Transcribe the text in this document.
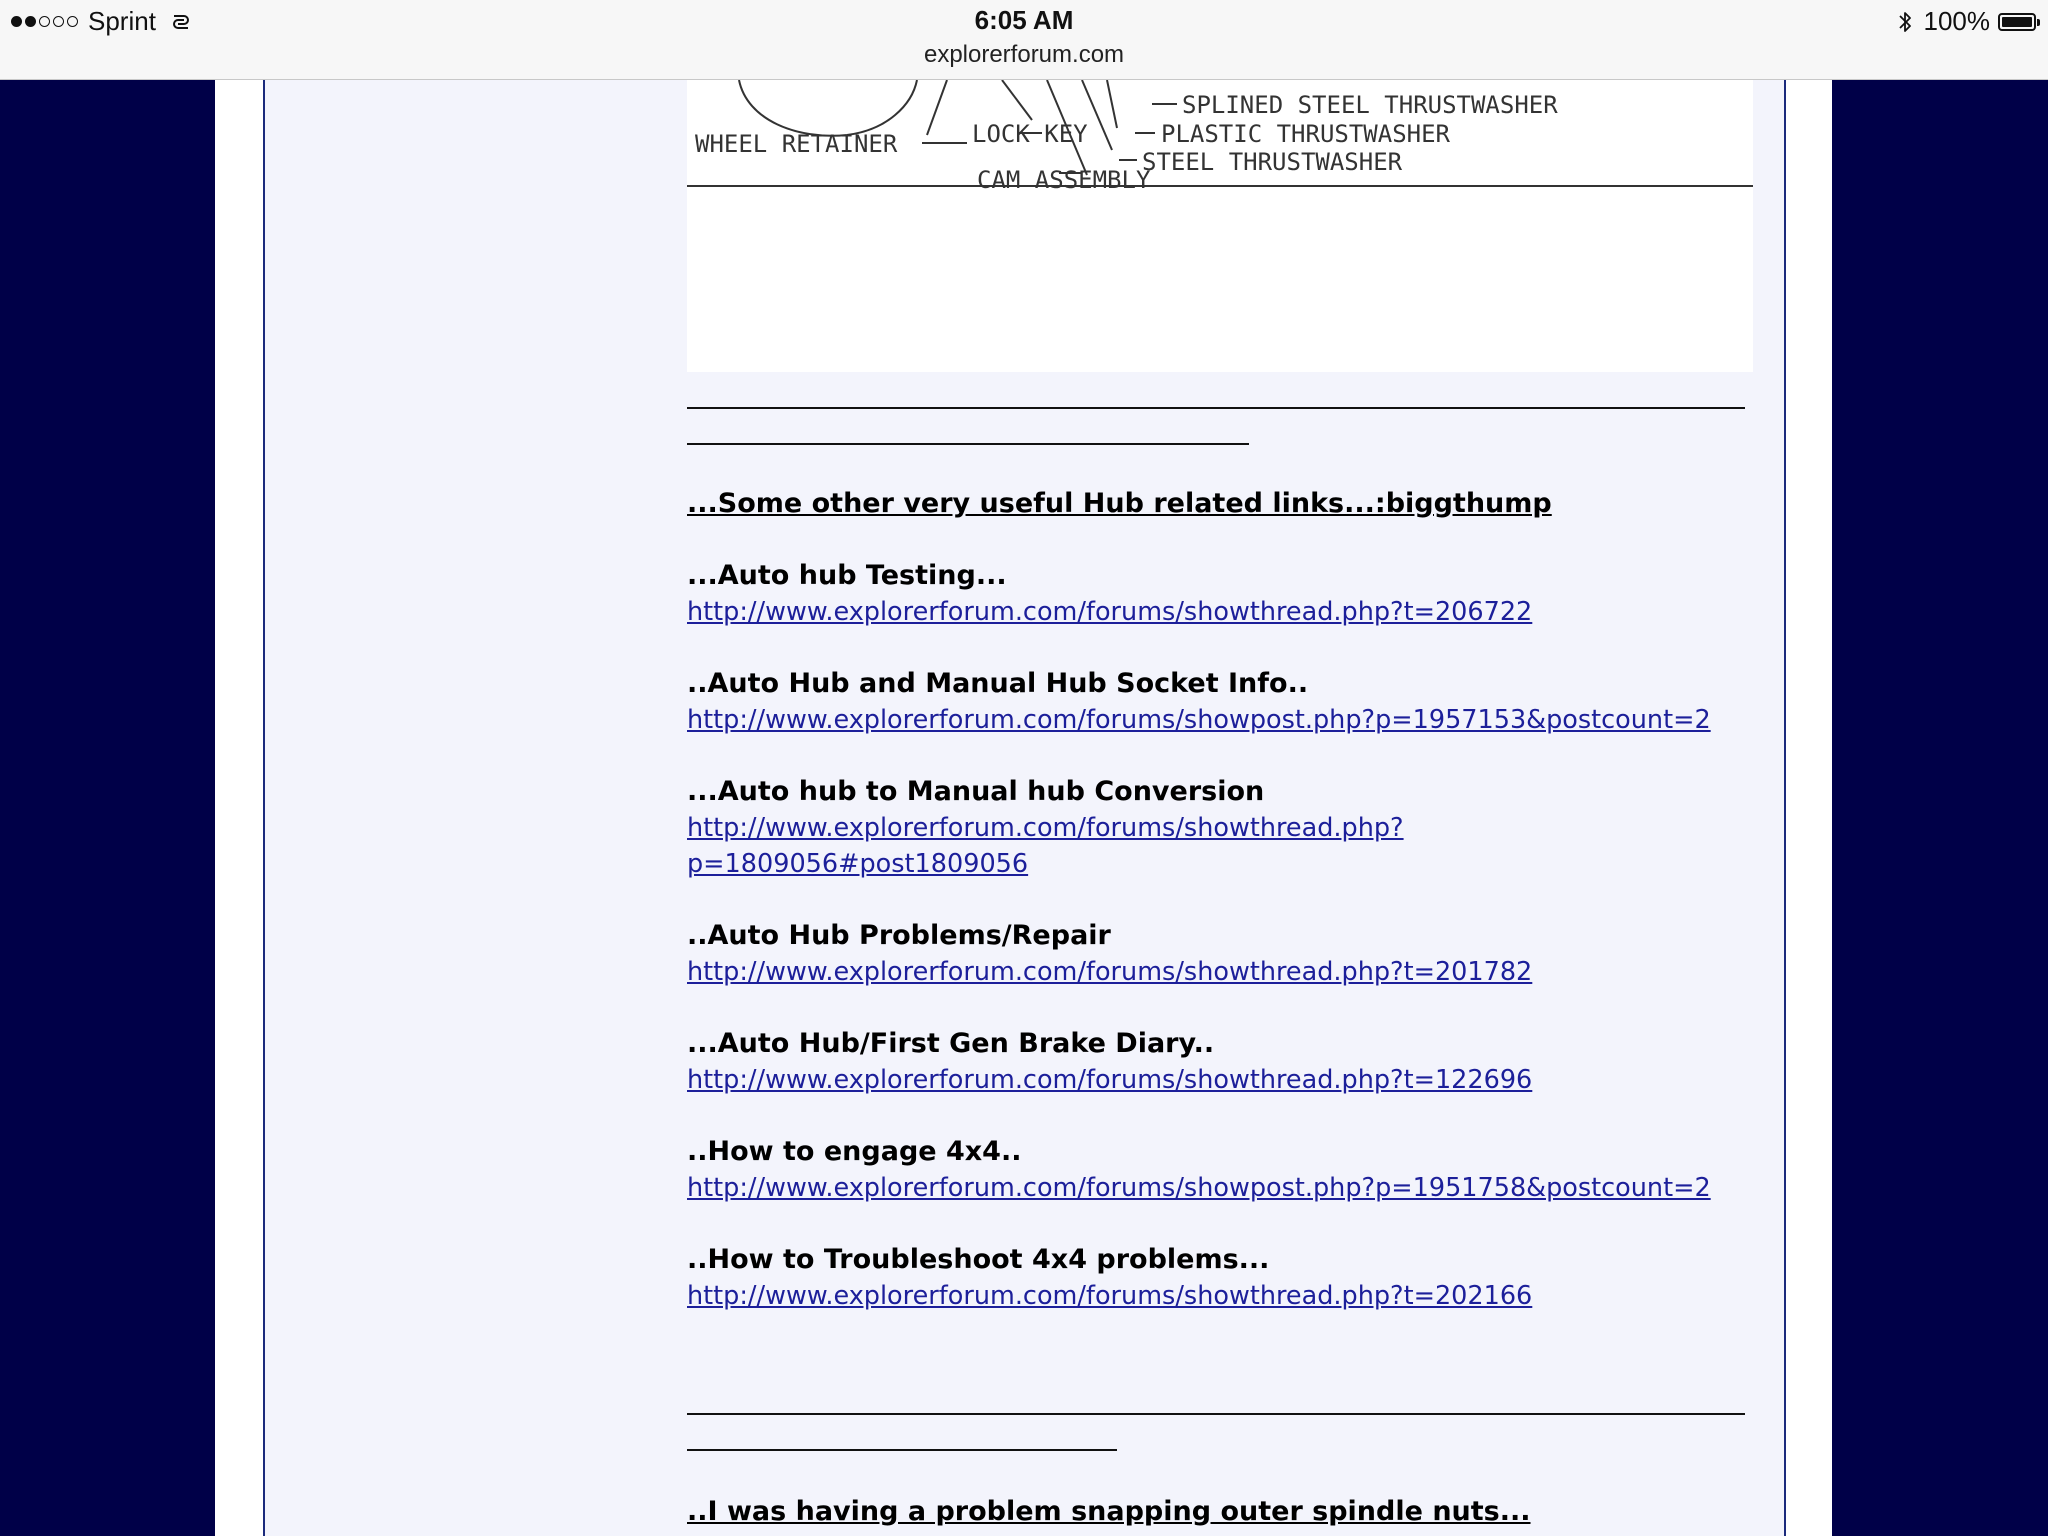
Sprint	6:05 AM
explorerforum.com
100%
SPLINED STEEL THRUSTWASHER
PLASTIC THRUSTWASHER
STEEL THRUSTWASHER
WHEEL RETAINER	LOCK KEY
CAM ASSEMBLY
...Some other very useful Hub related links...:biggthump
...Auto hub Testing...
http://www.explorerforum.com/forums/showthread.php?t=206722
..Auto Hub and Manual Hub Socket Info..
http://www.explorerforum.com/forums/showpost.php?p=1957153&postcount=2
...Auto hub to Manual hub Conversion
http://www.explorerforum.com/forums/showthread.php?
p=1809056#post1809056
..Auto Hub Problems/Repair
http://www.explorerforum.com/forums/showthread.php?t=201782
...Auto Hub/First Gen Brake Diary..
http://www.explorerforum.com/forums/showthread.php?t=122696
..How to engage 4x4..
http://www.explorerforum.com/forums/showpost.php?p=1951758&postcount=2
..How to Troubleshoot 4x4 problems...
http://www.explorerforum.com/forums/showthread.php?t=202166
..I was having a problem snapping outer spindle nuts...
